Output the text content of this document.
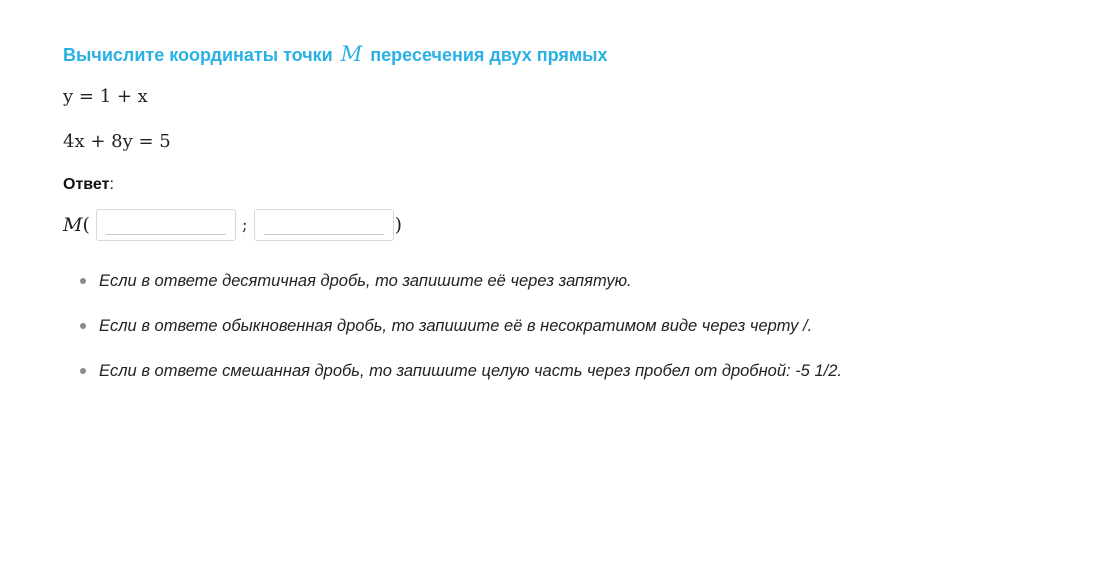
Вычислите координаты точки M пересечения двух прямых
y = 1 + x
4x + 8y = 5
Ответ:
M(	;	)
Если в ответе десятичная дробь, то запишите её через запятую.
Если в ответе обыкновенная дробь, то запишите её в несократимом виде через черту /.
Если в ответе смешанная дробь, то запишите целую часть через пробел от дробной: -5 1/2.
